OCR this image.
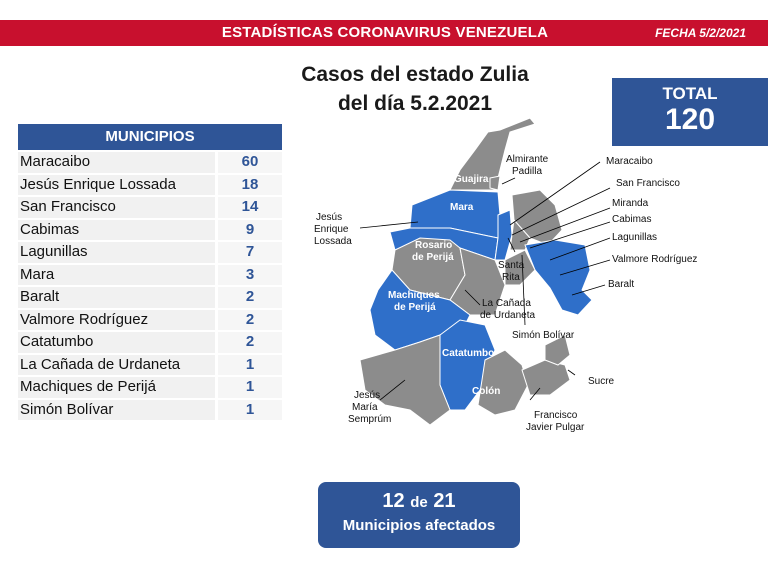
ESTADÍSTICAS CORONAVIRUS VENEZUELA	FECHA 5/2/2021
Casos del estado Zulia
del día 5.2.2021	TOTAL
120
MUNICIPIOS
Maracaibo	60
Jesús Enrique Lossada	18
San Francisco	14
Cabimas	9
Lagunillas	7
Mara	3
Baralt	2
Valmore Rodríguez	2
Catatumbo	2
La Cañada de Urdaneta	1
Machiques de Perijá	1
Simón Bolívar	1
Guajira
Almirante Padilla
Mara
Jesús Enrique Lossada	Rosario de Perijá
Santa Rita
La Cañada de Urdaneta
Machiques de Perijá
Simón Bolívar
Catatumbo
Colón
Jesús María Semprúm	Francisco Javier Pulgar
Sucre
Maracaibo
San Francisco
Miranda
Cabimas
Lagunillas
Valmore Rodríguez
Baralt
12 de 21
Municipios afectados
